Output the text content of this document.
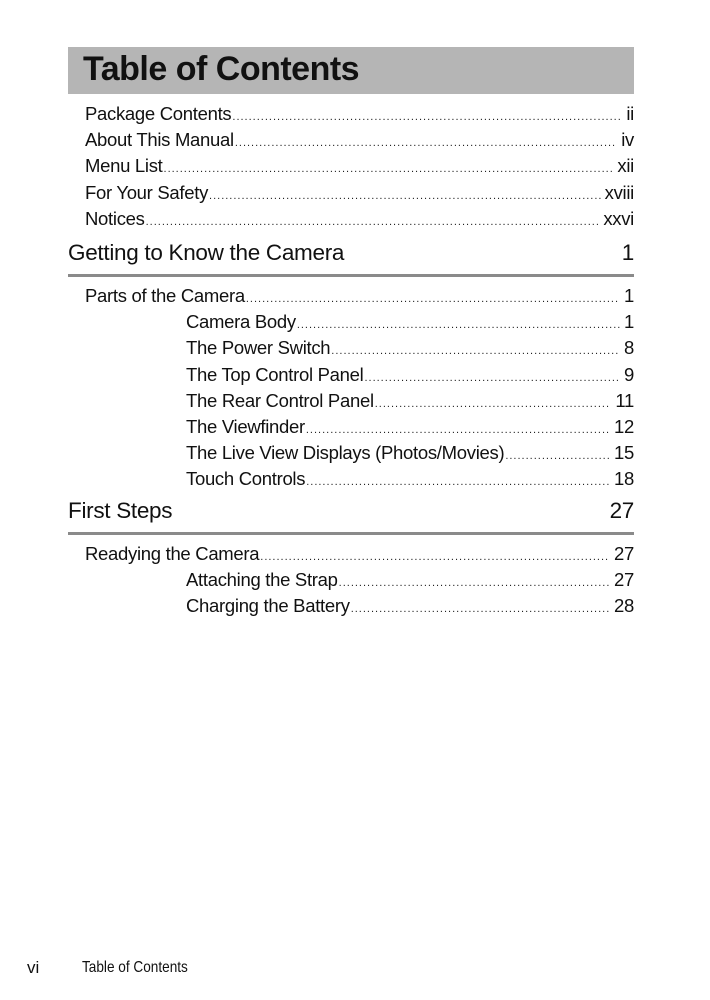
Table of Contents
Package Contents .....	ii
About This Manual .....	iv
Menu List .....	xii
For Your Safety .....	xviii
Notices .....	xxvi
Getting to Know the Camera	1
Parts of the Camera .....	1
Camera Body .....	1
The Power Switch .....	8
The Top Control Panel .....	9
The Rear Control Panel .....	11
The Viewfinder .....	12
The Live View Displays (Photos/Movies) .....	15
Touch Controls .....	18
First Steps	27
Readying the Camera .....	27
Attaching the Strap .....	27
Charging the Battery .....	28
vi	Table of Contents
